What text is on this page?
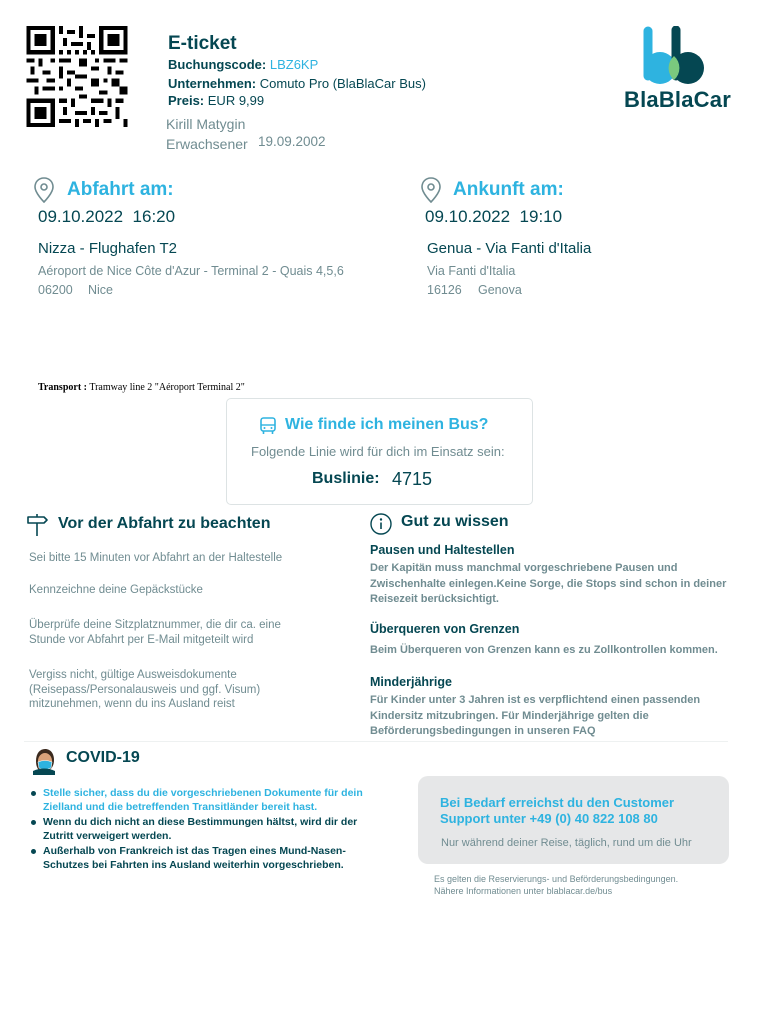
E-ticket
Buchungscode: LBZ6KP
Unternehmen: Comuto Pro (BlaBlaCar Bus)
Preis: EUR 9,99
Kirill Matygin
Erwachsener 19.09.2002
BlaBlaCar
Abfahrt am:
09.10.2022  16:20
Nizza - Flughafen T2
Aéroport de Nice Côte d'Azur - Terminal 2 - Quais 4,5,6
06200 Nice
Ankunft am:
09.10.2022  19:10
Genua - Via Fanti d'Italia
Via Fanti d'Italia
16126 Genova
Transport : Tramway line 2 "Aéroport Terminal 2"
Wie finde ich meinen Bus?
Folgende Linie wird für dich im Einsatz sein:
Buslinie: 4715
Vor der Abfahrt zu beachten
Sei bitte 15 Minuten vor Abfahrt an der Haltestelle
Kennzeichne deine Gepäckstücke
Überprüfe deine Sitzplatznummer, die dir ca. eine Stunde vor Abfahrt per E-Mail mitgeteilt wird
Vergiss nicht, gültige Ausweisdokumente (Reisepass/Personalausweis und ggf. Visum) mitzunehmen, wenn du ins Ausland reist
Gut zu wissen
Pausen und Haltestellen
Der Kapitän muss manchmal vorgeschriebene Pausen und Zwischenhalte einlegen.Keine Sorge, die Stops sind schon in deiner Reisezeit berücksichtigt.
Überqueren von Grenzen
Beim Überqueren von Grenzen kann es zu Zollkontrollen kommen.
Minderjährige
Für Kinder unter 3 Jahren ist es verpflichtend einen passenden Kindersitz mitzubringen. Für Minderjährige gelten die Beförderungsbedingungen in unseren FAQ
COVID-19
Stelle sicher, dass du die vorgeschriebenen Dokumente für dein Zielland und die betreffenden Transitländer bereit hast.
Wenn du dich nicht an diese Bestimmungen hältst, wird dir der Zutritt verweigert werden.
Außerhalb von Frankreich ist das Tragen eines Mund-Nasen-Schutzes bei Fahrten ins Ausland weiterhin vorgeschrieben.
Bei Bedarf erreichst du den Customer Support unter +49 (0) 40 822 108 80
Nur während deiner Reise, täglich, rund um die Uhr
Es gelten die Reservierungs- und Beförderungsbedingungen.
Nähere Informationen unter blablacar.de/bus
